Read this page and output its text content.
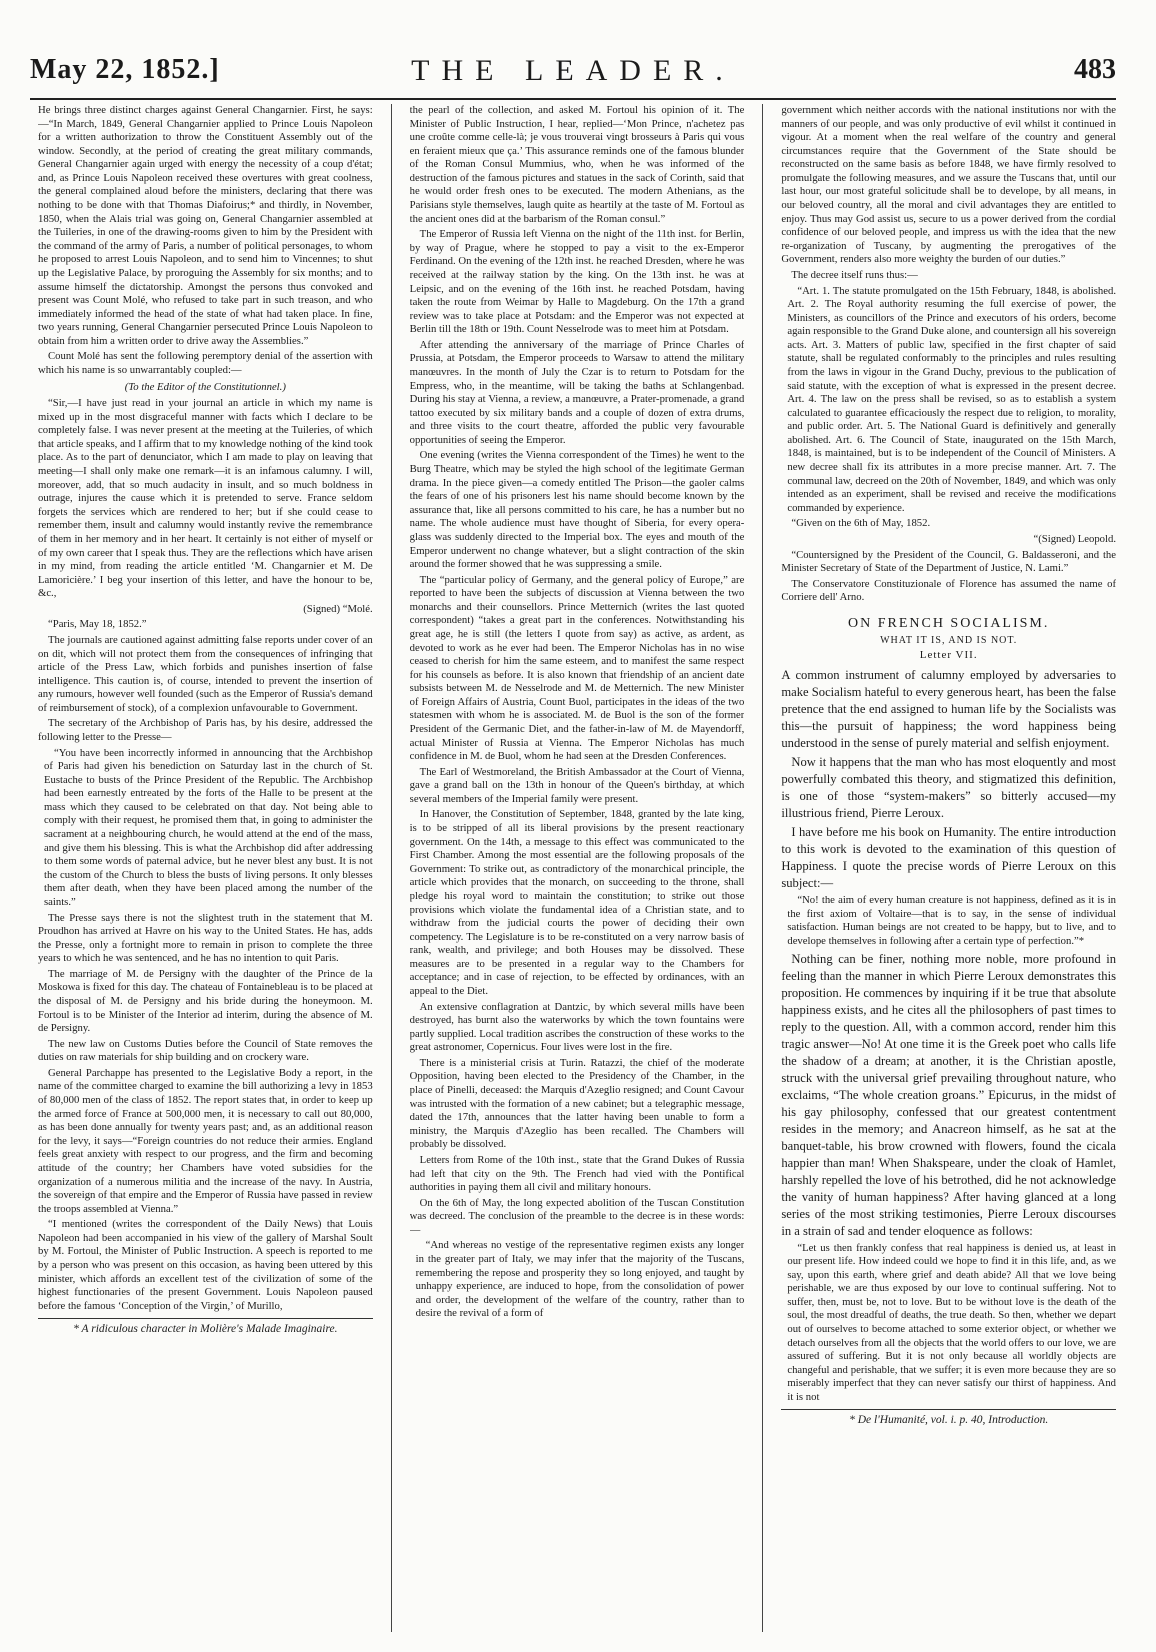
May 22, 1852.]	THE LEADER.	483

He brings three distinct charges against General Changarnier. First, he says:—“In March, 1849, General Changarnier applied to Prince Louis Napoleon for a written authorization to throw the Constituent Assembly out of the window. Secondly, at the period of creating the great military commands, General Changarnier again urged with energy the necessity of a coup d'état; and, as Prince Louis Napoleon received these overtures with great coolness, the general complained aloud before the ministers, declaring that there was nothing to be done with that Thomas Diafoirus;* and thirdly, in November, 1850, when the Alais trial was going on, General Changarnier assembled at the Tuileries, in one of the drawing-rooms given to him by the President with the command of the army of Paris, a number of political personages, to whom he proposed to arrest Louis Napoleon, and to send him to Vincennes; to shut up the Legislative Palace, by proroguing the Assembly for six months; and to assume himself the dictatorship. Amongst the persons thus convoked and present was Count Molé, who refused to take part in such treason, and who immediately informed the head of the state of what had taken place. In fine, two years running, General Changarnier persecuted Prince Louis Napoleon to obtain from him a written order to drive away the Assemblies.”

Count Molé has sent the following peremptory denial of the assertion with which his name is so unwarrantably coupled:—

(To the Editor of the Constitutionnel.)

“Sir,—I have just read in your journal an article in which my name is mixed up in the most disgraceful manner with facts which I declare to be completely false. I was never present at the meeting at the Tuileries, of which that article speaks, and I affirm that to my knowledge nothing of the kind took place. As to the part of denunciator, which I am made to play on leaving that meeting—I shall only make one remark—it is an infamous calumny. I will, moreover, add, that so much audacity in insult, and so much boldness in outrage, injures the cause which it is pretended to serve. France seldom forgets the services which are rendered to her; but if she could cease to remember them, insult and calumny would instantly revive the remembrance of them in her memory and in her heart. It certainly is not either of myself or of my own career that I speak thus. They are the reflections which have arisen in my mind, from reading the article entitled ‘M. Changarnier et M. De Lamoricière.’ I beg your insertion of this letter, and have the honour to be, &c.,

(Signed) “Molé.

“Paris, May 18, 1852.”

The journals are cautioned against admitting false reports under cover of an on dit, which will not protect them from the consequences of infringing that article of the Press Law, which forbids and punishes insertion of false intelligence. This caution is, of course, intended to prevent the insertion of any rumours, however well founded (such as the Emperor of Russia's demand of reimbursement of stock), of a complexion unfavourable to Government.

The secretary of the Archbishop of Paris has, by his desire, addressed the following letter to the Presse—

“You have been incorrectly informed in announcing that the Archbishop of Paris had given his benediction on Saturday last in the church of St. Eustache to busts of the Prince President of the Republic. The Archbishop had been earnestly entreated by the forts of the Halle to be present at the mass which they caused to be celebrated on that day. Not being able to comply with their request, he promised them that, in going to administer the sacrament at a neighbouring church, he would attend at the end of the mass, and give them his blessing. This is what the Archbishop did after addressing to them some words of paternal advice, but he never blest any bust. It is not the custom of the Church to bless the busts of living persons. It only blesses them after death, when they have been placed among the number of the saints.”

The Presse says there is not the slightest truth in the statement that M. Proudhon has arrived at Havre on his way to the United States. He has, adds the Presse, only a fortnight more to remain in prison to complete the three years to which he was sentenced, and he has no intention to quit Paris.

The marriage of M. de Persigny with the daughter of the Prince de la Moskowa is fixed for this day. The chateau of Fontainebleau is to be placed at the disposal of M. de Persigny and his bride during the honeymoon. M. Fortoul is to be Minister of the Interior ad interim, during the absence of M. de Persigny.

The new law on Customs Duties before the Council of State removes the duties on raw materials for ship building and on crockery ware.

General Parchappe has presented to the Legislative Body a report, in the name of the committee charged to examine the bill authorizing a levy in 1853 of 80,000 men of the class of 1852. The report states that, in order to keep up the armed force of France at 500,000 men, it is necessary to call out 80,000, as has been done annually for twenty years past; and, as an additional reason for the levy, it says—“Foreign countries do not reduce their armies. England feels great anxiety with respect to our progress, and the firm and becoming attitude of the country; her Chambers have voted subsidies for the organization of a numerous militia and the increase of the navy. In Austria, the sovereign of that empire and the Emperor of Russia have passed in review the troops assembled at Vienna.”

“I mentioned (writes the correspondent of the Daily News) that Louis Napoleon had been accompanied in his view of the gallery of Marshal Soult by M. Fortoul, the Minister of Public Instruction. A speech is reported to me by a person who was present on this occasion, as having been uttered by this minister, which affords an excellent test of the civilization of some of the highest functionaries of the present Government. Louis Napoleon paused before the famous ‘Conception of the Virgin,’ of Murillo,

* A ridiculous character in Molière's Malade Imaginaire.

the pearl of the collection, and asked M. Fortoul his opinion of it. The Minister of Public Instruction, I hear, replied—‘Mon Prince, n'achetez pas une croûte comme celle-là; je vous trouverai vingt brosseurs à Paris qui vous en feraient mieux que ça.’ This assurance reminds one of the famous blunder of the Roman Consul Mummius, who, when he was informed of the destruction of the famous pictures and statues in the sack of Corinth, said that he would order fresh ones to be executed. The modern Athenians, as the Parisians style themselves, laugh quite as heartily at the taste of M. Fortoul as the ancient ones did at the barbarism of the Roman consul.”

The Emperor of Russia left Vienna on the night of the 11th inst. for Berlin, by way of Prague, where he stopped to pay a visit to the ex-Emperor Ferdinand. On the evening of the 12th inst. he reached Dresden, where he was received at the railway station by the king. On the 13th inst. he was at Leipsic, and on the evening of the 16th inst. he reached Potsdam, having taken the route from Weimar by Halle to Magdeburg. On the 17th a grand review was to take place at Potsdam: and the Emperor was not expected at Berlin till the 18th or 19th. Count Nesselrode was to meet him at Potsdam.

After attending the anniversary of the marriage of Prince Charles of Prussia, at Potsdam, the Emperor proceeds to Warsaw to attend the military manœuvres. In the month of July the Czar is to return to Potsdam for the Empress, who, in the meantime, will be taking the baths at Schlangenbad. During his stay at Vienna, a review, a manœuvre, a Prater-promenade, a grand tattoo executed by six military bands and a couple of dozen of extra drums, and three visits to the court theatre, afforded the public very favourable opportunities of seeing the Emperor.

One evening (writes the Vienna correspondent of the Times) he went to the Burg Theatre, which may be styled the high school of the legitimate German drama. In the piece given—a comedy entitled The Prison—the gaoler calms the fears of one of his prisoners lest his name should become known by the assurance that, like all persons committed to his care, he has a number but no name. The whole audience must have thought of Siberia, for every opera-glass was suddenly directed to the Imperial box. The eyes and mouth of the Emperor underwent no change whatever, but a slight contraction of the skin around the former showed that he was suppressing a smile.

The “particular policy of Germany, and the general policy of Europe,” are reported to have been the subjects of discussion at Vienna between the two monarchs and their counsellors. Prince Metternich (writes the last quoted correspondent) “takes a great part in the conferences. Notwithstanding his great age, he is still (the letters I quote from say) as active, as ardent, as devoted to work as he ever had been. The Emperor Nicholas has in no wise ceased to cherish for him the same esteem, and to manifest the same respect for his counsels as before. It is also known that friendship of an ancient date subsists between M. de Nesselrode and M. de Metternich. The new Minister of Foreign Affairs of Austria, Count Buol, participates in the ideas of the two statesmen with whom he is associated. M. de Buol is the son of the former President of the Germanic Diet, and the father-in-law of M. de Mayendorff, actual Minister of Russia at Vienna. The Emperor Nicholas has much confidence in M. de Buol, whom he had seen at the Dresden Conferences.

The Earl of Westmoreland, the British Ambassador at the Court of Vienna, gave a grand ball on the 13th in honour of the Queen's birthday, at which several members of the Imperial family were present.

In Hanover, the Constitution of September, 1848, granted by the late king, is to be stripped of all its liberal provisions by the present reactionary government. On the 14th, a message to this effect was communicated to the First Chamber. Among the most essential are the following proposals of the Government: To strike out, as contradictory of the monarchical principle, the article which provides that the monarch, on succeeding to the throne, shall pledge his royal word to maintain the constitution; to strike out those provisions which violate the fundamental idea of a Christian state, and to withdraw from the judicial courts the power of deciding their own competency. The Legislature is to be re-constituted on a very narrow basis of rank, wealth, and privilege; and both Houses may be dissolved. These measures are to be presented in a regular way to the Chambers for acceptance; and in case of rejection, to be effected by ordinances, with an appeal to the Diet.

An extensive conflagration at Dantzic, by which several mills have been destroyed, has burnt also the waterworks by which the town fountains were partly supplied. Local tradition ascribes the construction of these works to the great astronomer, Copernicus. Four lives were lost in the fire.

There is a ministerial crisis at Turin. Ratazzi, the chief of the moderate Opposition, having been elected to the Presidency of the Chamber, in the place of Pinelli, deceased: the Marquis d'Azeglio resigned; and Count Cavour was intrusted with the formation of a new cabinet; but a telegraphic message, dated the 17th, announces that the latter having been unable to form a ministry, the Marquis d'Azeglio has been recalled. The Chambers will probably be dissolved.

Letters from Rome of the 10th inst., state that the Grand Dukes of Russia had left that city on the 9th. The French had vied with the Pontifical authorities in paying them all civil and military honours.

On the 6th of May, the long expected abolition of the Tuscan Constitution was decreed. The conclusion of the preamble to the decree is in these words:—

“And whereas no vestige of the representative regimen exists any longer in the greater part of Italy, we may infer that the majority of the Tuscans, remembering the repose and prosperity they so long enjoyed, and taught by unhappy experience, are induced to hope, from the consolidation of power and order, the development of the welfare of the country, rather than to desire the revival of a form of

government which neither accords with the national institutions nor with the manners of our people, and was only productive of evil whilst it continued in vigour. At a moment when the real welfare of the country and general circumstances require that the Government of the State should be reconstructed on the same basis as before 1848, we have firmly resolved to promulgate the following measures, and we assure the Tuscans that, until our last hour, our most grateful solicitude shall be to develope, by all means, in our beloved country, all the moral and civil advantages they are entitled to enjoy. Thus may God assist us, secure to us a power derived from the cordial confidence of our beloved people, and impress us with the idea that the new re-organization of Tuscany, by augmenting the prerogatives of the Government, renders also more weighty the burden of our duties.”

The decree itself runs thus:—

“Art. 1. The statute promulgated on the 15th February, 1848, is abolished. Art. 2. The Royal authority resuming the full exercise of power, the Ministers, as councillors of the Prince and executors of his orders, become again responsible to the Grand Duke alone, and countersign all his sovereign acts. Art. 3. Matters of public law, specified in the first chapter of said statute, shall be regulated conformably to the principles and rules resulting from the laws in vigour in the Grand Duchy, previous to the publication of said statute, with the exception of what is expressed in the present decree. Art. 4. The law on the press shall be revised, so as to establish a system calculated to guarantee efficaciously the respect due to religion, to morality, and public order. Art. 5. The National Guard is definitively and generally abolished. Art. 6. The Council of State, inaugurated on the 15th March, 1848, is maintained, but is to be independent of the Council of Ministers. A new decree shall fix its attributes in a more precise manner. Art. 7. The communal law, decreed on the 20th of November, 1849, and which was only intended as an experiment, shall be revised and receive the modifications commanded by experience.

“Given on the 6th of May, 1852.

“(Signed) Leopold.

“Countersigned by the President of the Council, G. Baldasseroni, and the Minister Secretary of State of the Department of Justice, N. Lami.”

The Conservatore Constituzionale of Florence has assumed the name of Corriere dell' Arno.

ON FRENCH SOCIALISM.
WHAT IT IS, AND IS NOT.
Letter VII.

A common instrument of calumny employed by adversaries to make Socialism hateful to every generous heart, has been the false pretence that the end assigned to human life by the Socialists was this—the pursuit of happiness; the word happiness being understood in the sense of purely material and selfish enjoyment.

Now it happens that the man who has most eloquently and most powerfully combated this theory, and stigmatized this definition, is one of those “system-makers” so bitterly accused—my illustrious friend, Pierre Leroux.

I have before me his book on Humanity. The entire introduction to this work is devoted to the examination of this question of Happiness. I quote the precise words of Pierre Leroux on this subject:—

“No! the aim of every human creature is not happiness, defined as it is in the first axiom of Voltaire—that is to say, in the sense of individual satisfaction. Human beings are not created to be happy, but to live, and to develope themselves in following after a certain type of perfection.”*

Nothing can be finer, nothing more noble, more profound in feeling than the manner in which Pierre Leroux demonstrates this proposition. He commences by inquiring if it be true that absolute happiness exists, and he cites all the philosophers of past times to reply to the question. All, with a common accord, render him this tragic answer—No! At one time it is the Greek poet who calls life the shadow of a dream; at another, it is the Christian apostle, struck with the universal grief prevailing throughout nature, who exclaims, “The whole creation groans.” Epicurus, in the midst of his gay philosophy, confessed that our greatest contentment resides in the memory; and Anacreon himself, as he sat at the banquet-table, his brow crowned with flowers, found the cicala happier than man! When Shakspeare, under the cloak of Hamlet, harshly repelled the love of his betrothed, did he not acknowledge the vanity of human happiness? After having glanced at a long series of the most striking testimonies, Pierre Leroux discourses in a strain of sad and tender eloquence as follows:

“Let us then frankly confess that real happiness is denied us, at least in our present life. How indeed could we hope to find it in this life, and, as we say, upon this earth, where grief and death abide? All that we love being perishable, we are thus exposed by our love to continual suffering. Not to suffer, then, must be, not to love. But to be without love is the death of the soul, the most dreadful of deaths, the true death. So then, whether we depart out of ourselves to become attached to some exterior object, or whether we detach ourselves from all the objects that the world offers to our love, we are assured of suffering. But it is not only because all worldly objects are changeful and perishable, that we suffer; it is even more because they are so miserably imperfect that they can never satisfy our thirst of happiness. And it is not

* De l'Humanité, vol. i. p. 40, Introduction.
